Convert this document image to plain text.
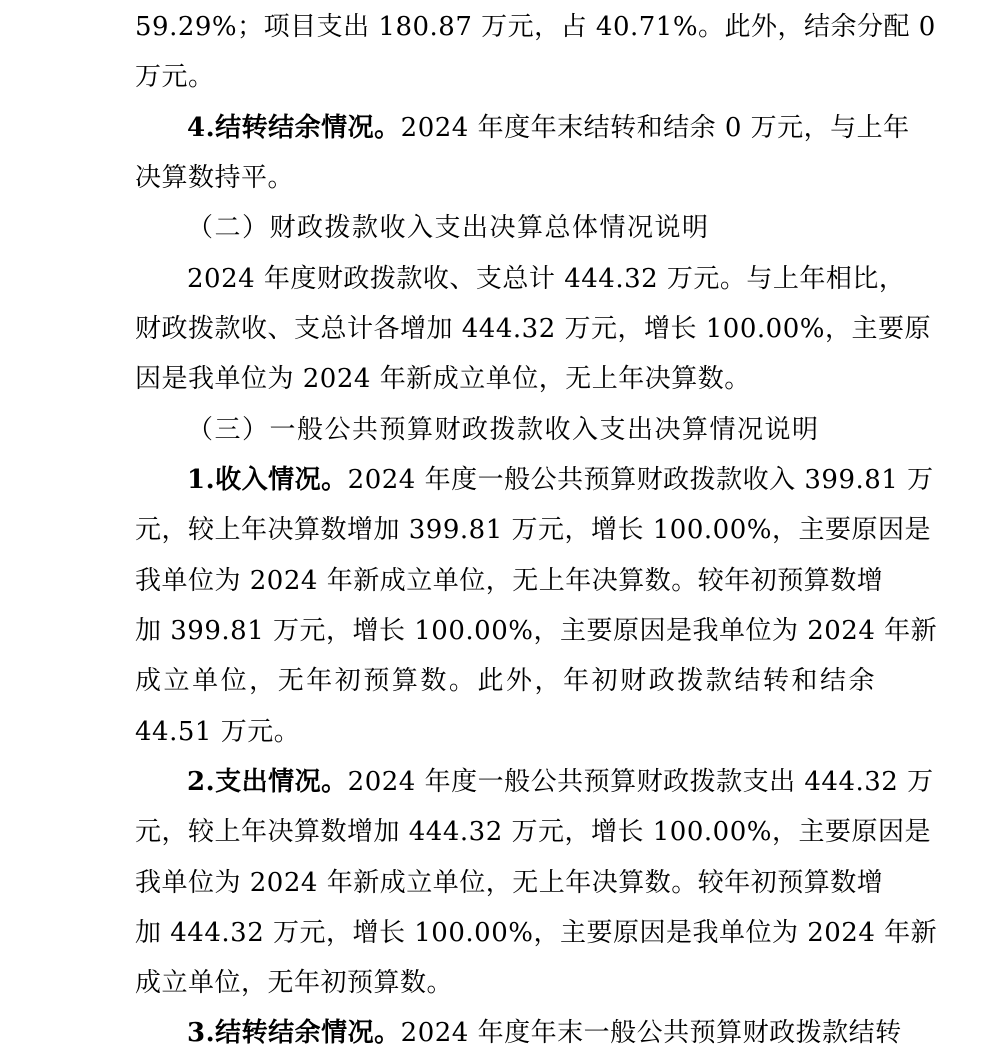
59.29%；项目支出 180.87 万元，占 40.71%。此外，结余分配 0
万元。
4.结转结余情况。2024 年度年末结转和结余 0 万元，与上年
决算数持平。
（二）财政拨款收入支出决算总体情况说明
2024 年度财政拨款收、支总计 444.32 万元。与上年相比，
财政拨款收、支总计各增加 444.32 万元，增长 100.00%，主要原
因是我单位为 2024 年新成立单位，无上年决算数。
（三）一般公共预算财政拨款收入支出决算情况说明
1.收入情况。2024 年度一般公共预算财政拨款收入 399.81 万
元，较上年决算数增加 399.81 万元，增长 100.00%，主要原因是
我单位为 2024 年新成立单位，无上年决算数。较年初预算数增
加 399.81 万元，增长 100.00%，主要原因是我单位为 2024 年新
成立单位，无年初预算数。此外，年初财政拨款结转和结余
44.51 万元。
2.支出情况。2024 年度一般公共预算财政拨款支出 444.32 万
元，较上年决算数增加 444.32 万元，增长 100.00%，主要原因是
我单位为 2024 年新成立单位，无上年决算数。较年初预算数增
加 444.32 万元，增长 100.00%，主要原因是我单位为 2024 年新
成立单位，无年初预算数。
3.结转结余情况。2024 年度年末一般公共预算财政拨款结转
